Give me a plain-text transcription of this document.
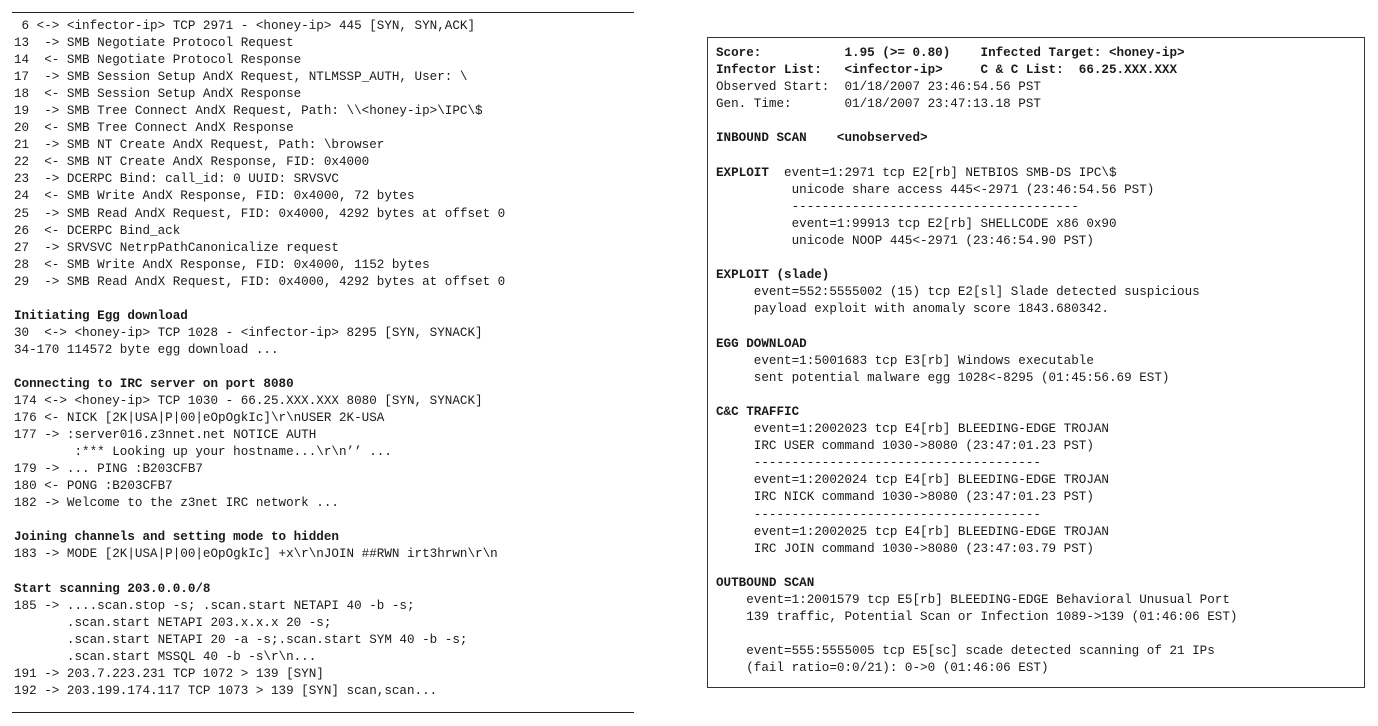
6 <-> <infector-ip> TCP 2971 - <honey-ip> 445 [SYN, SYN,ACK]
13  -> SMB Negotiate Protocol Request
14  <- SMB Negotiate Protocol Response
17  -> SMB Session Setup AndX Request, NTLMSSP_AUTH, User: \
18  <- SMB Session Setup AndX Response
19  -> SMB Tree Connect AndX Request, Path: \\<honey-ip>\IPC\$
20  <- SMB Tree Connect AndX Response
21  -> SMB NT Create AndX Request, Path: \browser
22  <- SMB NT Create AndX Response, FID: 0x4000
23  -> DCERPC Bind: call_id: 0 UUID: SRVSVC
24  <- SMB Write AndX Response, FID: 0x4000, 72 bytes
25  -> SMB Read AndX Request, FID: 0x4000, 4292 bytes at offset 0
26  <- DCERPC Bind_ack
27  -> SRVSVC NetrpPathCanonicalize request
28  <- SMB Write AndX Response, FID: 0x4000, 1152 bytes
29  -> SMB Read AndX Request, FID: 0x4000, 4292 bytes at offset 0
Initiating Egg download
30  <-> <honey-ip> TCP 1028 - <infector-ip> 8295 [SYN, SYNACK]
34-170 114572 byte egg download ...
Connecting to IRC server on port 8080
174 <-> <honey-ip> TCP 1030 - 66.25.XXX.XXX 8080 [SYN, SYNACK]
176 <- NICK [2K|USA|P|00|eOpOgkIc]\r\nUSER 2K-USA
177 -> :server016.z3nnet.net NOTICE AUTH
:*** Looking up your hostname...\r\n’’ ...
179 -> ... PING :B203CFB7
180 <- PONG :B203CFB7
182 -> Welcome to the z3net IRC network ...
Joining channels and setting mode to hidden
183 -> MODE [2K|USA|P|00|eOpOgkIc] +x\r\nJOIN ##RWN irt3hrwn\r\n
Start scanning 203.0.0.0/8
185 -> ....scan.stop -s; .scan.start NETAPI 40 -b -s;
.scan.start NETAPI 203.x.x.x 20 -s;
.scan.start NETAPI 20 -a -s;.scan.start SYM 40 -b -s;
.scan.start MSSQL 40 -b -s\r\n...
191 -> 203.7.223.231 TCP 1072 > 139 [SYN]
192 -> 203.199.174.117 TCP 1073 > 139 [SYN] scan,scan...
Score:           1.95 (>= 0.80)    Infected Target: <honey-ip>
Infector List:   <infector-ip>     C & C List:  66.25.XXX.XXX
Observed Start:  01/18/2007 23:46:54.56 PST
Gen. Time:       01/18/2007 23:47:13.18 PST
INBOUND SCAN    <unobserved>
EXPLOIT  event=1:2971 tcp E2[rb] NETBIOS SMB-DS IPC\$
unicode share access 445<-2971 (23:46:54.56 PST)
--------------------------------------
event=1:99913 tcp E2[rb] SHELLCODE x86 0x90
unicode NOOP 445<-2971 (23:46:54.90 PST)
EXPLOIT (slade)
event=552:5555002 (15) tcp E2[sl] Slade detected suspicious
payload exploit with anomaly score 1843.680342.
EGG DOWNLOAD
event=1:5001683 tcp E3[rb] Windows executable
sent potential malware egg 1028<-8295 (01:45:56.69 EST)
C&C TRAFFIC
event=1:2002023 tcp E4[rb] BLEEDING-EDGE TROJAN
IRC USER command 1030->8080 (23:47:01.23 PST)
--------------------------------------
event=1:2002024 tcp E4[rb] BLEEDING-EDGE TROJAN
IRC NICK command 1030->8080 (23:47:01.23 PST)
--------------------------------------
event=1:2002025 tcp E4[rb] BLEEDING-EDGE TROJAN
IRC JOIN command 1030->8080 (23:47:03.79 PST)
OUTBOUND SCAN
event=1:2001579 tcp E5[rb] BLEEDING-EDGE Behavioral Unusual Port
139 traffic, Potential Scan or Infection 1089->139 (01:46:06 EST)
event=555:5555005 tcp E5[sc] scade detected scanning of 21 IPs
(fail ratio=0:0/21): 0->0 (01:46:06 EST)
